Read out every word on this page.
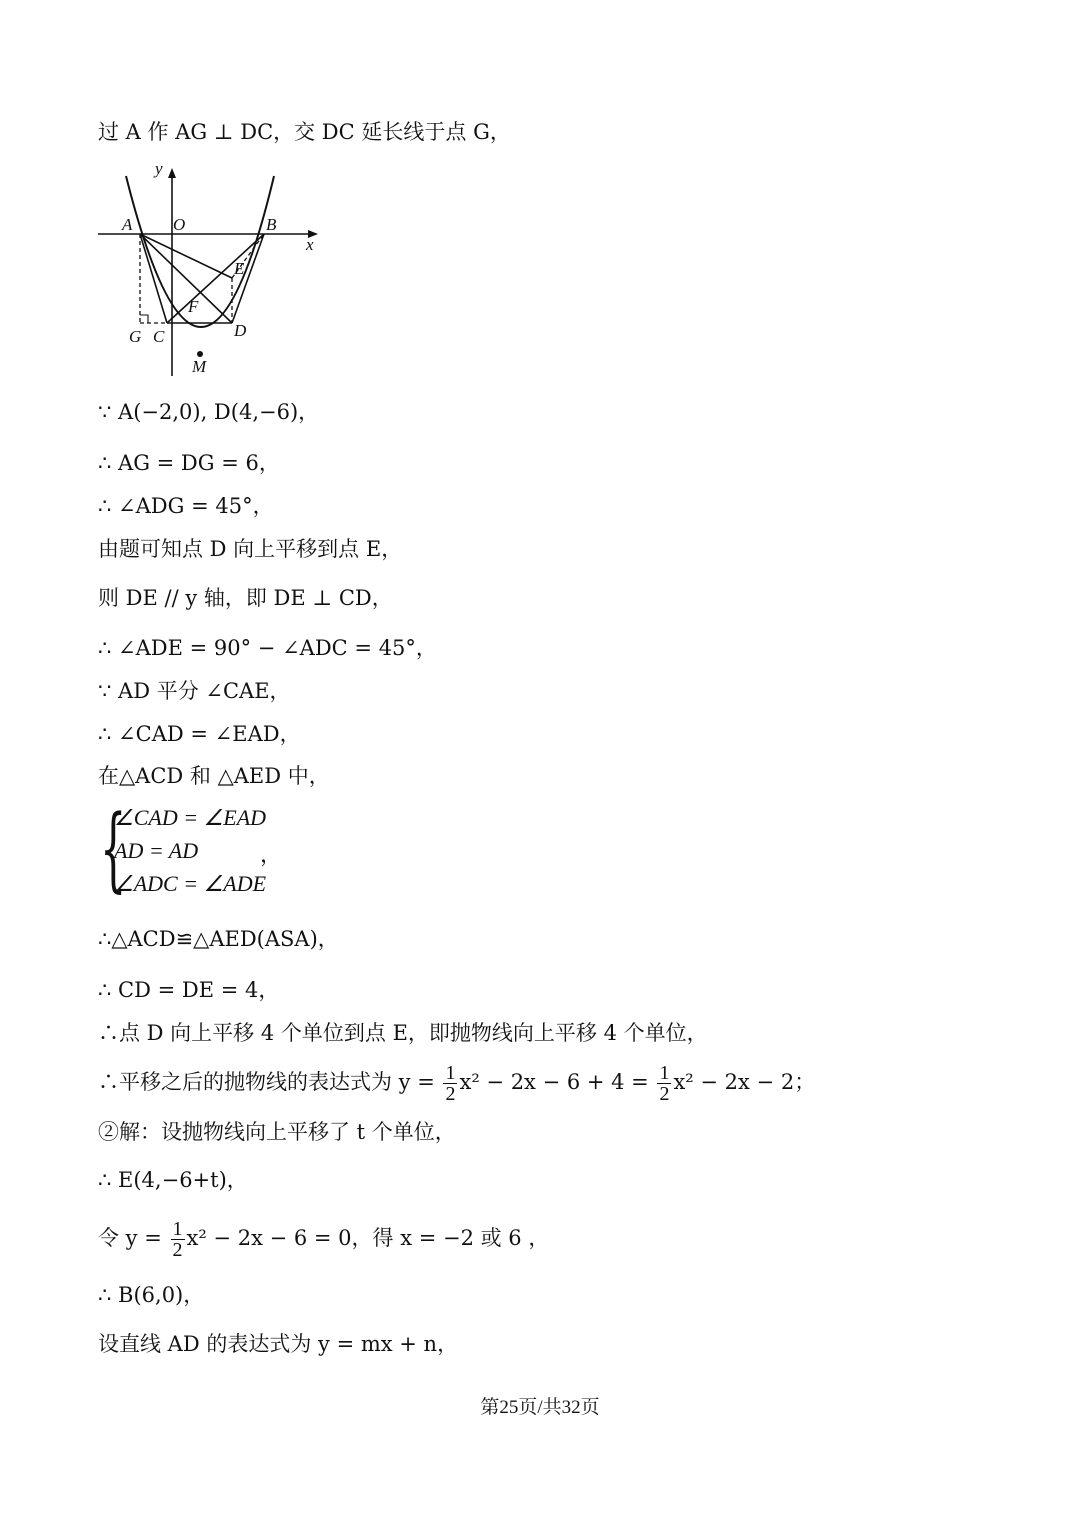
过 A 作 AG ⊥ DC，交 DC 延长线于点 G，
y
x
A O	B
E
F
G C	D
M
∵ A(−2,0), D(4,−6)，
∴ AG = DG = 6，
∴ ∠ADG = 45°，
由题可知点 D 向上平移到点 E，
则 DE // y 轴，即 DE ⊥ CD，
∴ ∠ADE = 90° − ∠ADC = 45°，
∵ AD 平分 ∠CAE，
∴ ∠CAD = ∠EAD，
在△ACD 和 △AED 中，
{
∠CAD = ∠EAD
AD = AD
∠ADC = ∠ADE
，
∴△ACD≌△AED(ASA)，
∴ CD = DE = 4，
∴点 D 向上平移 4 个单位到点 E，即抛物线向上平移 4 个单位，
∴平移之后的抛物线的表达式为 $y = \frac{1}{2} x^2 - 2x - 6 + 4 = \frac{1}{2} x^2 - 2x - 2$；
②解：设抛物线向上平移了 t 个单位，
∴ E(4,−6+t)，
令 $y = \frac{1}{2} x^2 - 2x - 6 = 0$，得 x = −2 或 6 ，
∴ B(6,0)，
设直线 AD 的表达式为 y = mx + n，
第25页/共32页
